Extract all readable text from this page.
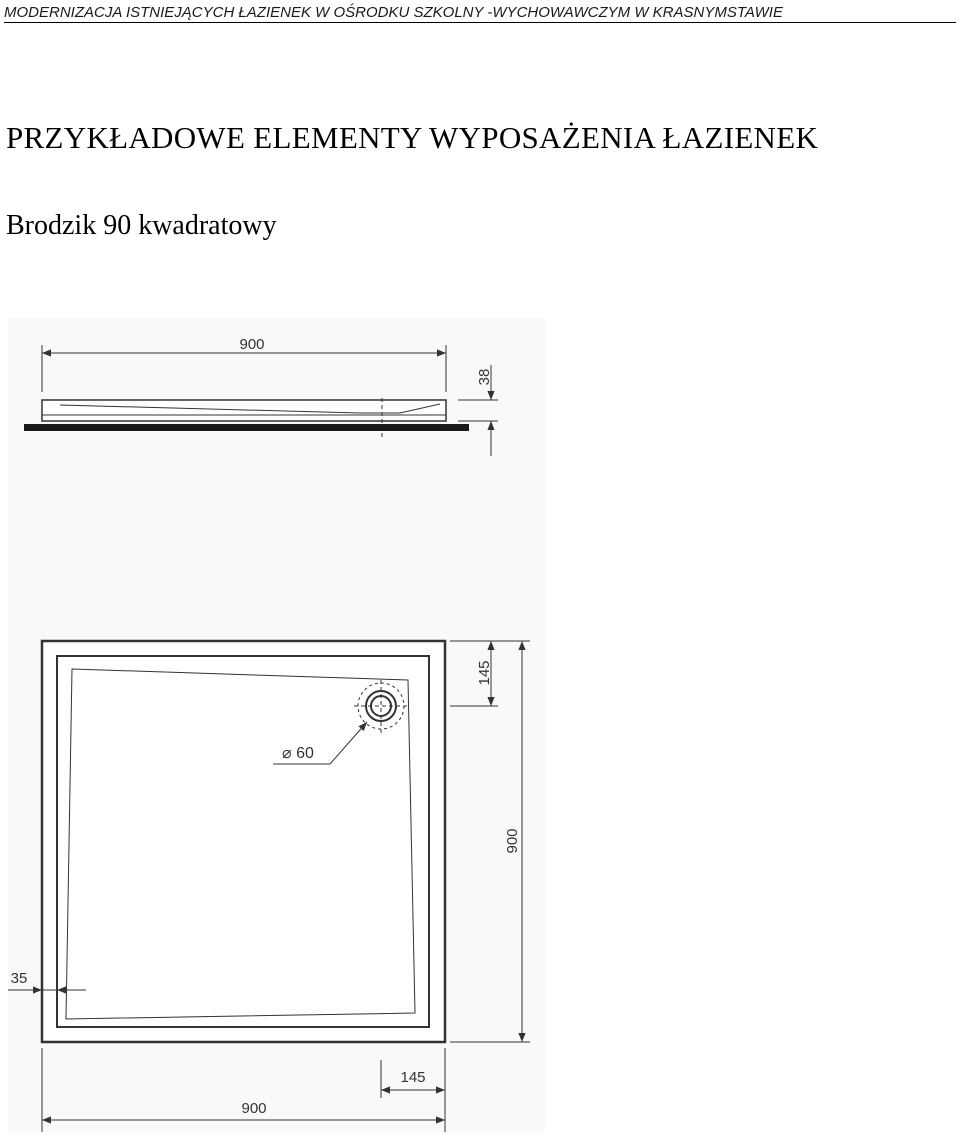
MODERNIZACJA ISTNIEJĄCYCH ŁAZIENEK W OŚRODKU SZKOLNY -WYCHOWAWCZYM W KRASNYMSTAWIE
PRZYKŁADOWE ELEMENTY WYPOSAŻENIA ŁAZIENEK
Brodzik 90 kwadratowy
900
38
⌀ 60
145
900
35
145
900
